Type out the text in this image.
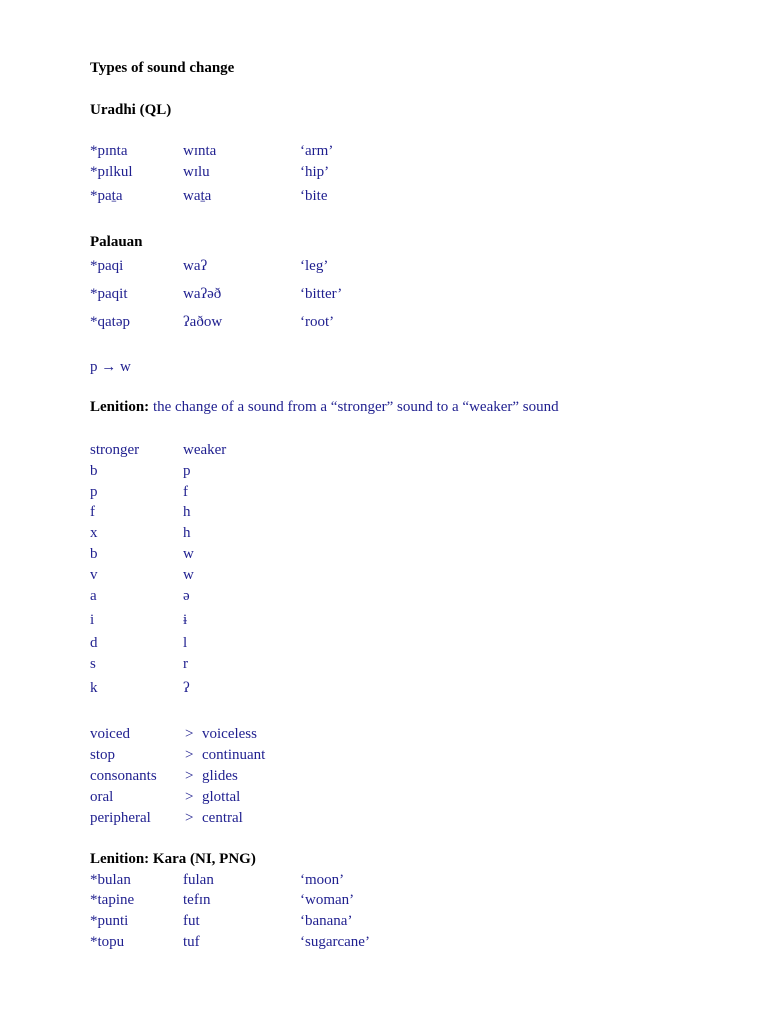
Types of sound change
Uradhi (QL)
*pɪnta	wɪnta	‘arm’
*pɪlkul	wɪlu	‘hip’
*paṯa	waṯa	‘bite
Palauan
*paqi	waʔ	‘leg’
*paqit	waʔəð	‘bitter’
*qatəp	ʔaðow	‘root’
p → w
Lenition: the change of a sound from a “stronger” sound to a “weaker” sound
stronger	weaker
b	p
p	f
f	h
x	h
b	w
v	w
a	ə
i	ɨ
d	l
s	r
k	ʔ
voiced	> voiceless
stop	> continuant
consonants > glides
oral	> glottal
peripheral > central
Lenition: Kara (NI, PNG)
*bulan	fulan	‘moon’
*tapine	tefɪn	‘woman’
*punti	fut	‘banana’
*topu	tuf	‘sugarcane’
